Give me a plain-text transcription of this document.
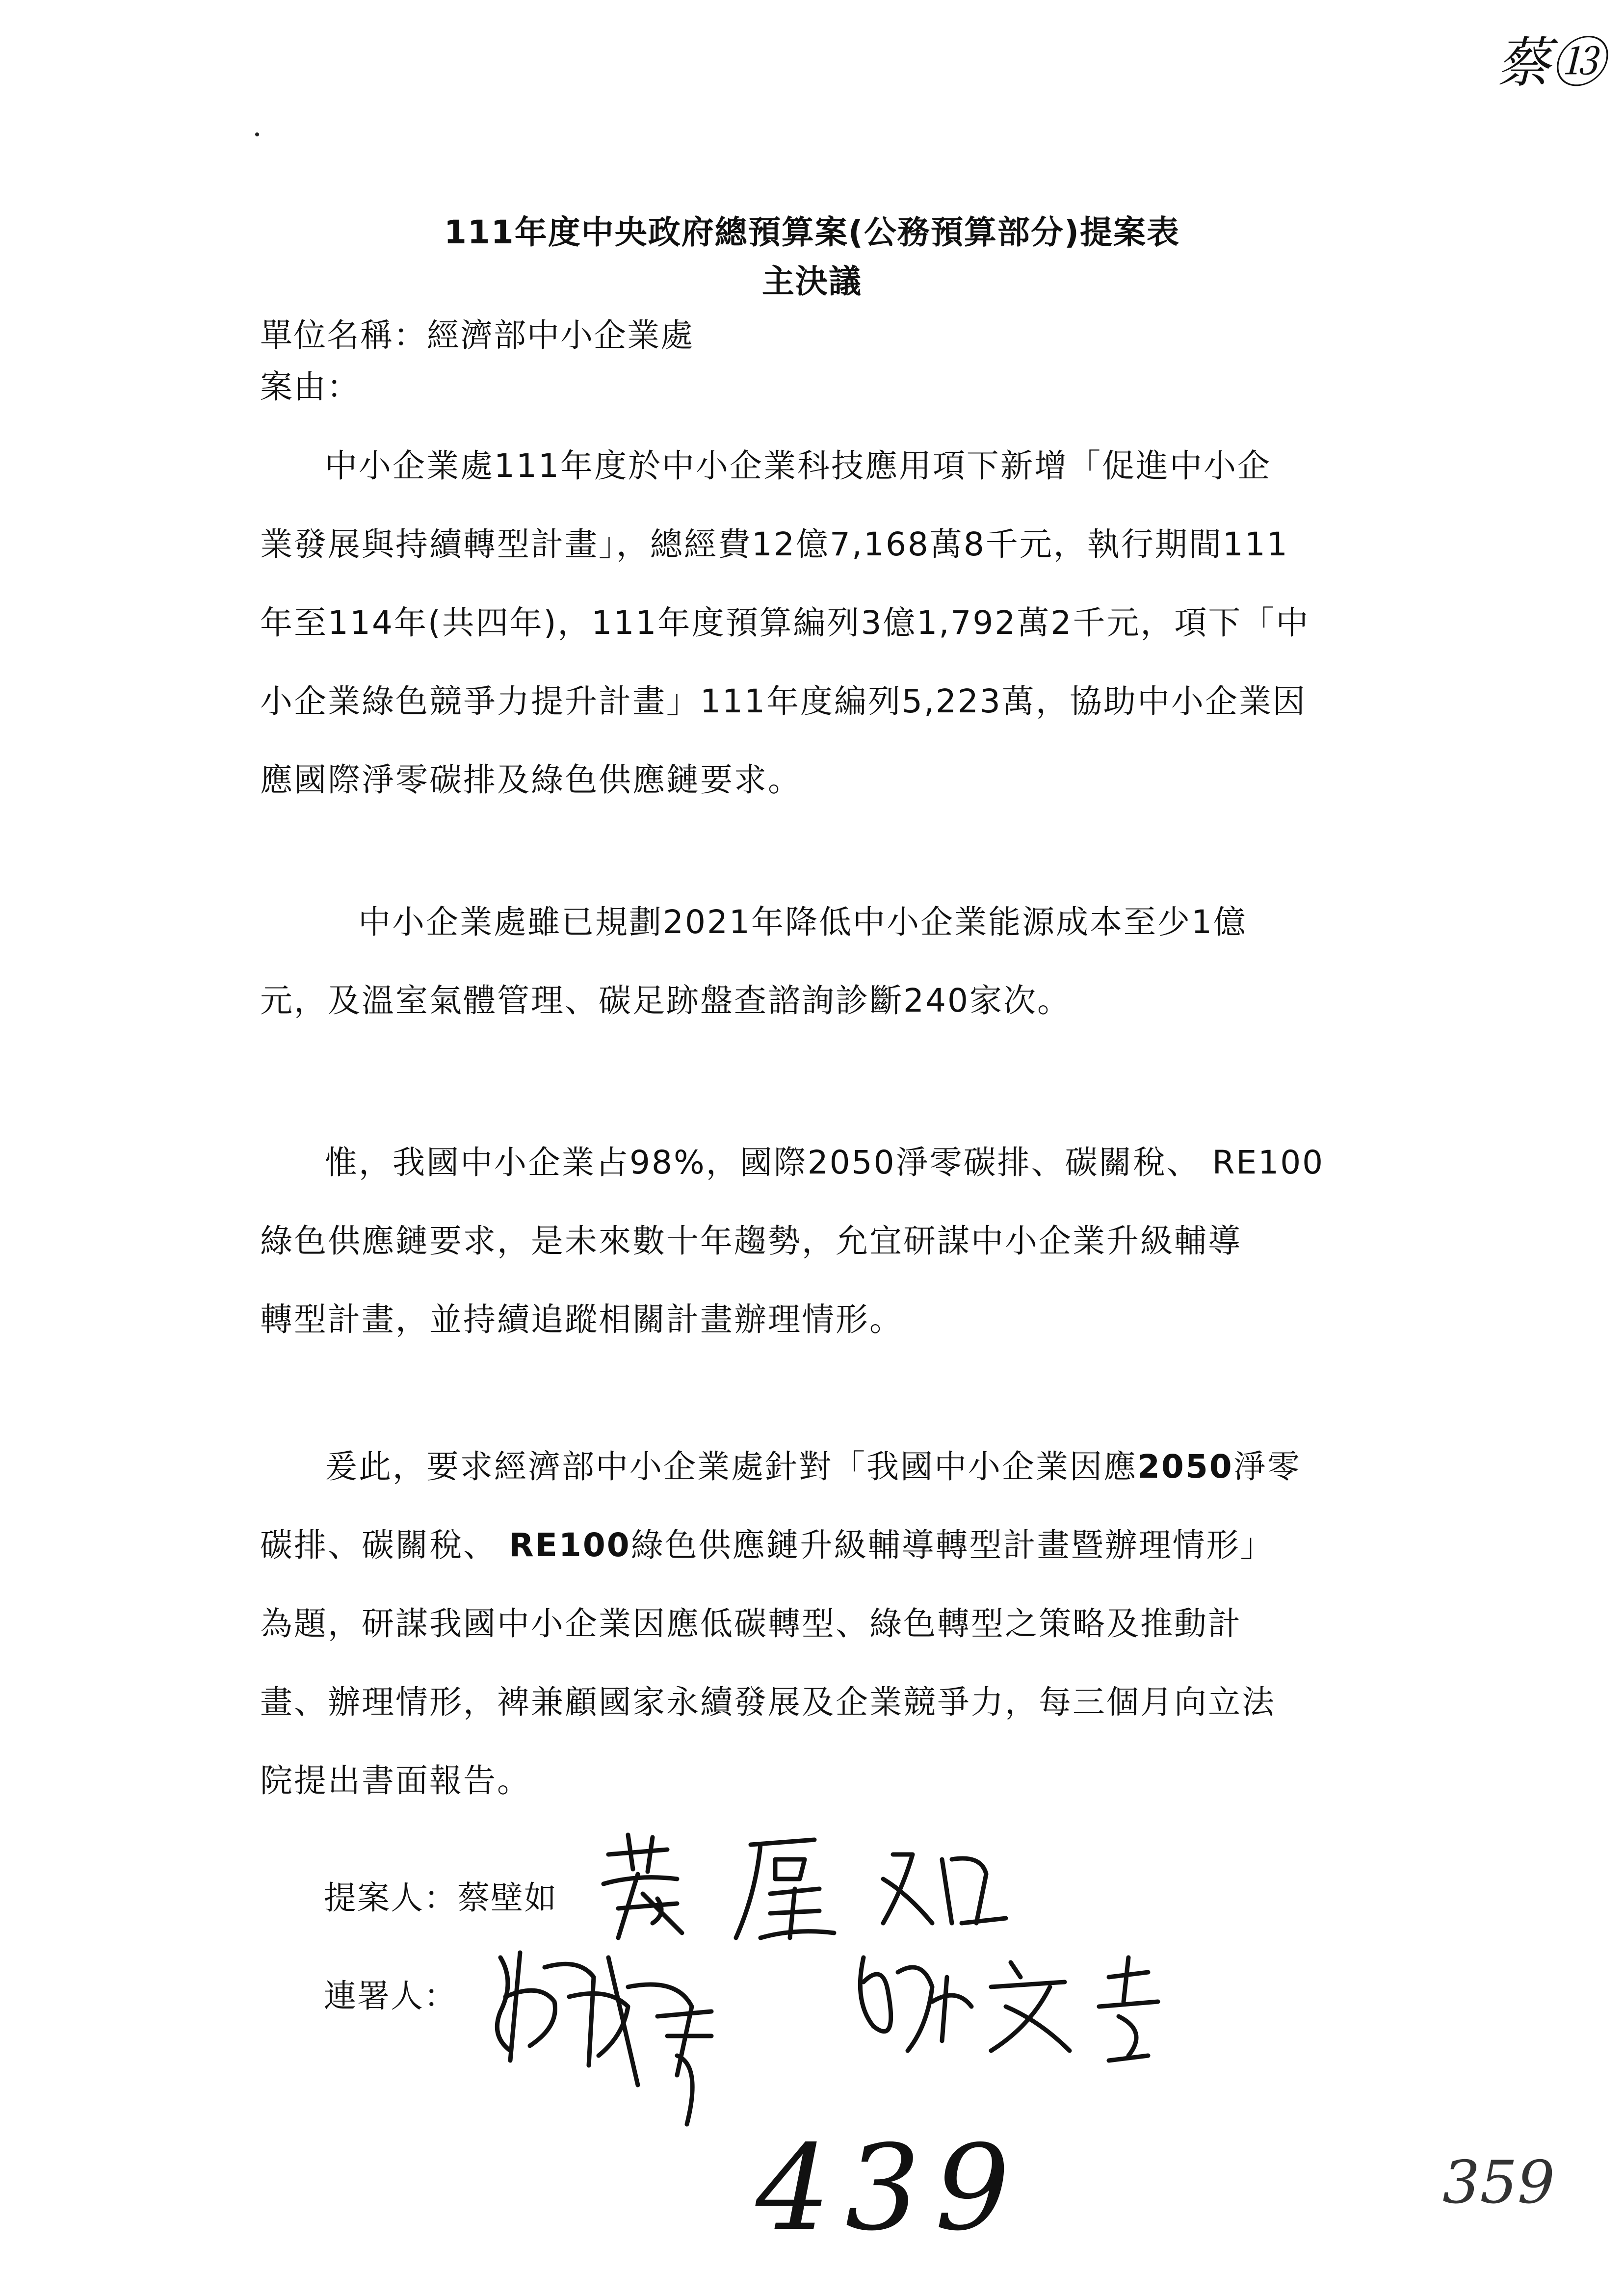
蔡⑬
111年度中央政府總預算案(公務預算部分)提案表
主決議
單位名稱：經濟部中小企業處
案由：
中小企業處111年度於中小企業科技應用項下新增「促進中小企
業發展與持續轉型計畫」，總經費12億7,168萬8千元，執行期間111
年至114年(共四年)，111年度預算編列3億1,792萬2千元，項下「中
小企業綠色競爭力提升計畫」111年度編列5,223萬，協助中小企業因
應國際淨零碳排及綠色供應鏈要求。
中小企業處雖已規劃2021年降低中小企業能源成本至少1億
元，及溫室氣體管理、碳足跡盤查諮詢診斷240家次。
惟，我國中小企業占98%，國際2050淨零碳排、碳關稅、 RE100
綠色供應鏈要求，是未來數十年趨勢，允宜研謀中小企業升級輔導
轉型計畫，並持續追蹤相關計畫辦理情形。
爰此，要求經濟部中小企業處針對「我國中小企業因應2050淨零
碳排、碳關稅、 RE100綠色供應鏈升級輔導轉型計畫暨辦理情形」
為題，研謀我國中小企業因應低碳轉型、綠色轉型之策略及推動計
畫、辦理情形，裨兼顧國家永續發展及企業競爭力，每三個月向立法
院提出書面報告。
提案人：蔡壁如
連署人：
439	359
